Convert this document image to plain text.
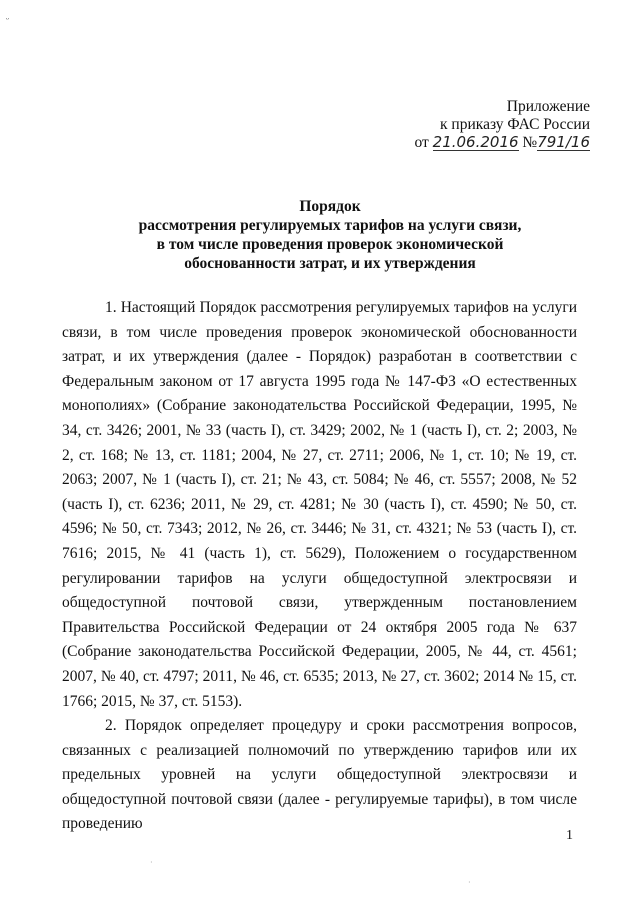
ᵕ
Приложение
к приказу ФАС России
от 21.06.2016 №791/16
Порядок
рассмотрения регулируемых тарифов на услуги связи,
в том числе проведения проверок экономической
обоснованности затрат, и их утверждения

1. Настоящий Порядок рассмотрения регулируемых тарифов на услуги связи, в том числе проведения проверок экономической обоснованности затрат, и их утверждения (далее - Порядок) разработан в соответствии с Федеральным законом от 17 августа 1995 года № 147-ФЗ «О естественных монополиях» (Собрание законодательства Российской Федерации, 1995, № 34, ст. 3426; 2001, № 33 (часть I), ст. 3429; 2002, № 1 (часть I), ст. 2; 2003, № 2, ст. 168; № 13, ст. 1181; 2004, № 27, ст. 2711; 2006, № 1, ст. 10; № 19, ст. 2063; 2007, № 1 (часть I), ст. 21; № 43, ст. 5084; № 46, ст. 5557; 2008, № 52 (часть I), ст. 6236; 2011, № 29, ст. 4281; № 30 (часть I), ст. 4590; № 50, ст. 4596; № 50, ст. 7343; 2012, № 26, ст. 3446; № 31, ст. 4321; № 53 (часть I), ст. 7616; 2015, № 41 (часть 1), ст. 5629), Положением о государственном регулировании тарифов на услуги общедоступной электросвязи и общедоступной почтовой связи, утвержденным постановлением Правительства Российской Федерации от 24 октября 2005 года № 637 (Собрание законодательства Российской Федерации, 2005, № 44, ст. 4561; 2007, № 40, ст. 4797; 2011, № 46, ст. 6535; 2013, № 27, ст. 3602; 2014 № 15, ст. 1766; 2015, № 37, ст. 5153).

2. Порядок определяет процедуру и сроки рассмотрения вопросов, связанных с реализацией полномочий по утверждению тарифов или их предельных уровней на услуги общедоступной электросвязи и общедоступной почтовой связи (далее - регулируемые тарифы), в том числе проведению

1
·
·
